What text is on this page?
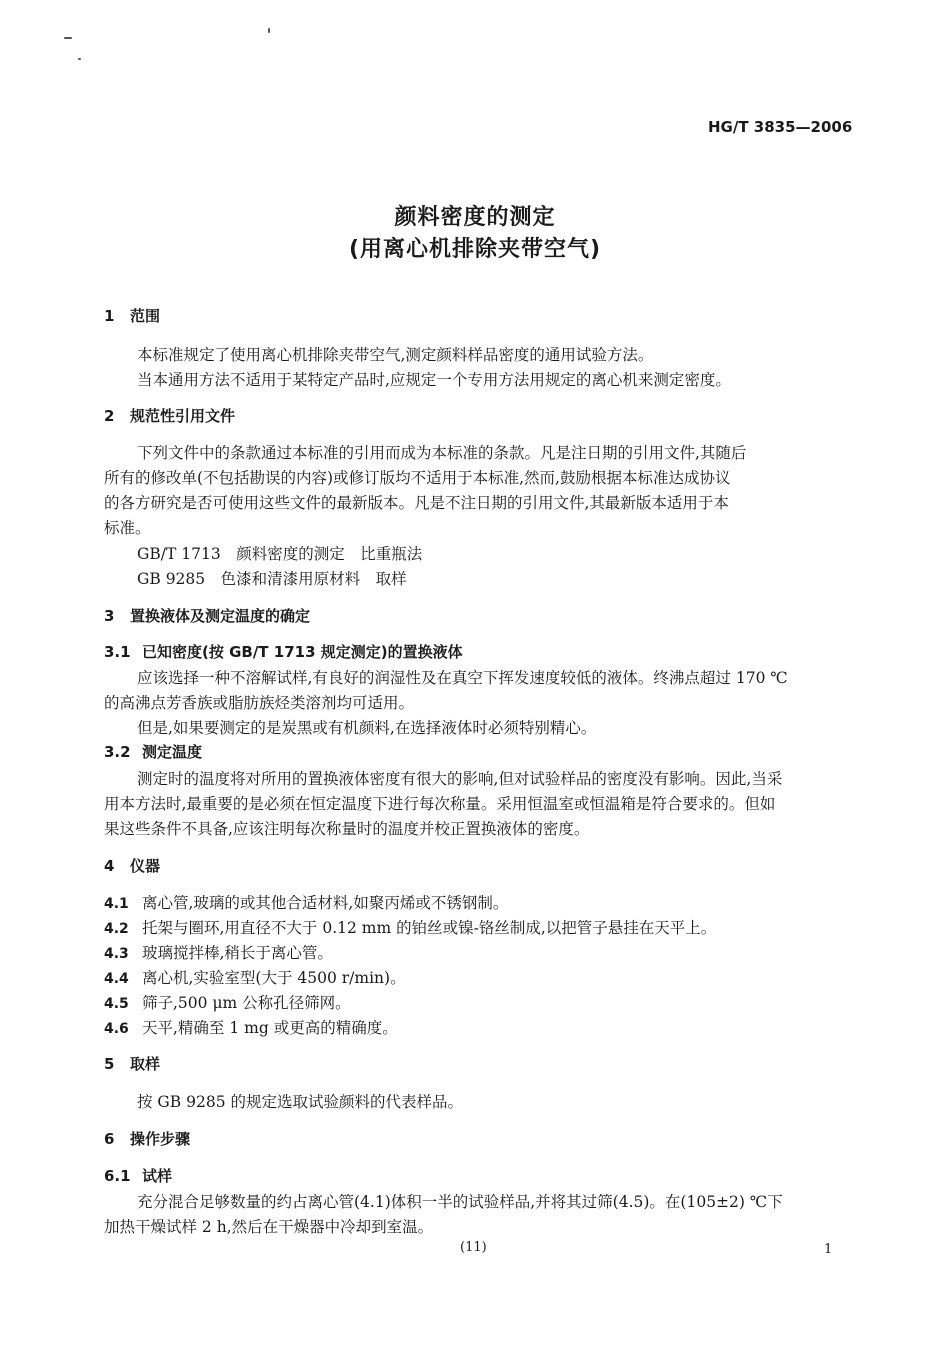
HG/T 3835—2006
颜料密度的测定
(用离心机排除夹带空气)
1 范围
本标准规定了使用离心机排除夹带空气,测定颜料样品密度的通用试验方法。
当本通用方法不适用于某特定产品时,应规定一个专用方法用规定的离心机来测定密度。
2 规范性引用文件
下列文件中的条款通过本标准的引用而成为本标准的条款。凡是注日期的引用文件,其随后
所有的修改单(不包括勘误的内容)或修订版均不适用于本标准,然而,鼓励根据本标准达成协议
的各方研究是否可使用这些文件的最新版本。凡是不注日期的引用文件,其最新版本适用于本
标准。
GB/T 1713　颜料密度的测定　比重瓶法
GB 9285　色漆和清漆用原材料　取样
3 置换液体及测定温度的确定
3.1 已知密度(按 GB/T 1713 规定测定)的置换液体
应该选择一种不溶解试样,有良好的润湿性及在真空下挥发速度较低的液体。终沸点超过 170 ℃
的高沸点芳香族或脂肪族烃类溶剂均可适用。
但是,如果要测定的是炭黑或有机颜料,在选择液体时必须特别精心。
3.2 测定温度
测定时的温度将对所用的置换液体密度有很大的影响,但对试验样品的密度没有影响。因此,当采
用本方法时,最重要的是必须在恒定温度下进行每次称量。采用恒温室或恒温箱是符合要求的。但如
果这些条件不具备,应该注明每次称量时的温度并校正置换液体的密度。
4 仪器
4.1 离心管,玻璃的或其他合适材料,如聚丙烯或不锈钢制。
4.2 托架与圈环,用直径不大于 0.12 mm 的铂丝或镍-铬丝制成,以把管子悬挂在天平上。
4.3 玻璃搅拌棒,稍长于离心管。
4.4 离心机,实验室型(大于 4500 r/min)。
4.5 筛子,500 μm 公称孔径筛网。
4.6 天平,精确至 1 mg 或更高的精确度。
5 取样
按 GB 9285 的规定选取试验颜料的代表样品。
6 操作步骤
6.1 试样
充分混合足够数量的约占离心管(4.1)体积一半的试验样品,并将其过筛(4.5)。在(105±2) ℃下
加热干燥试样 2 h,然后在干燥器中冷却到室温。
(11)	1
